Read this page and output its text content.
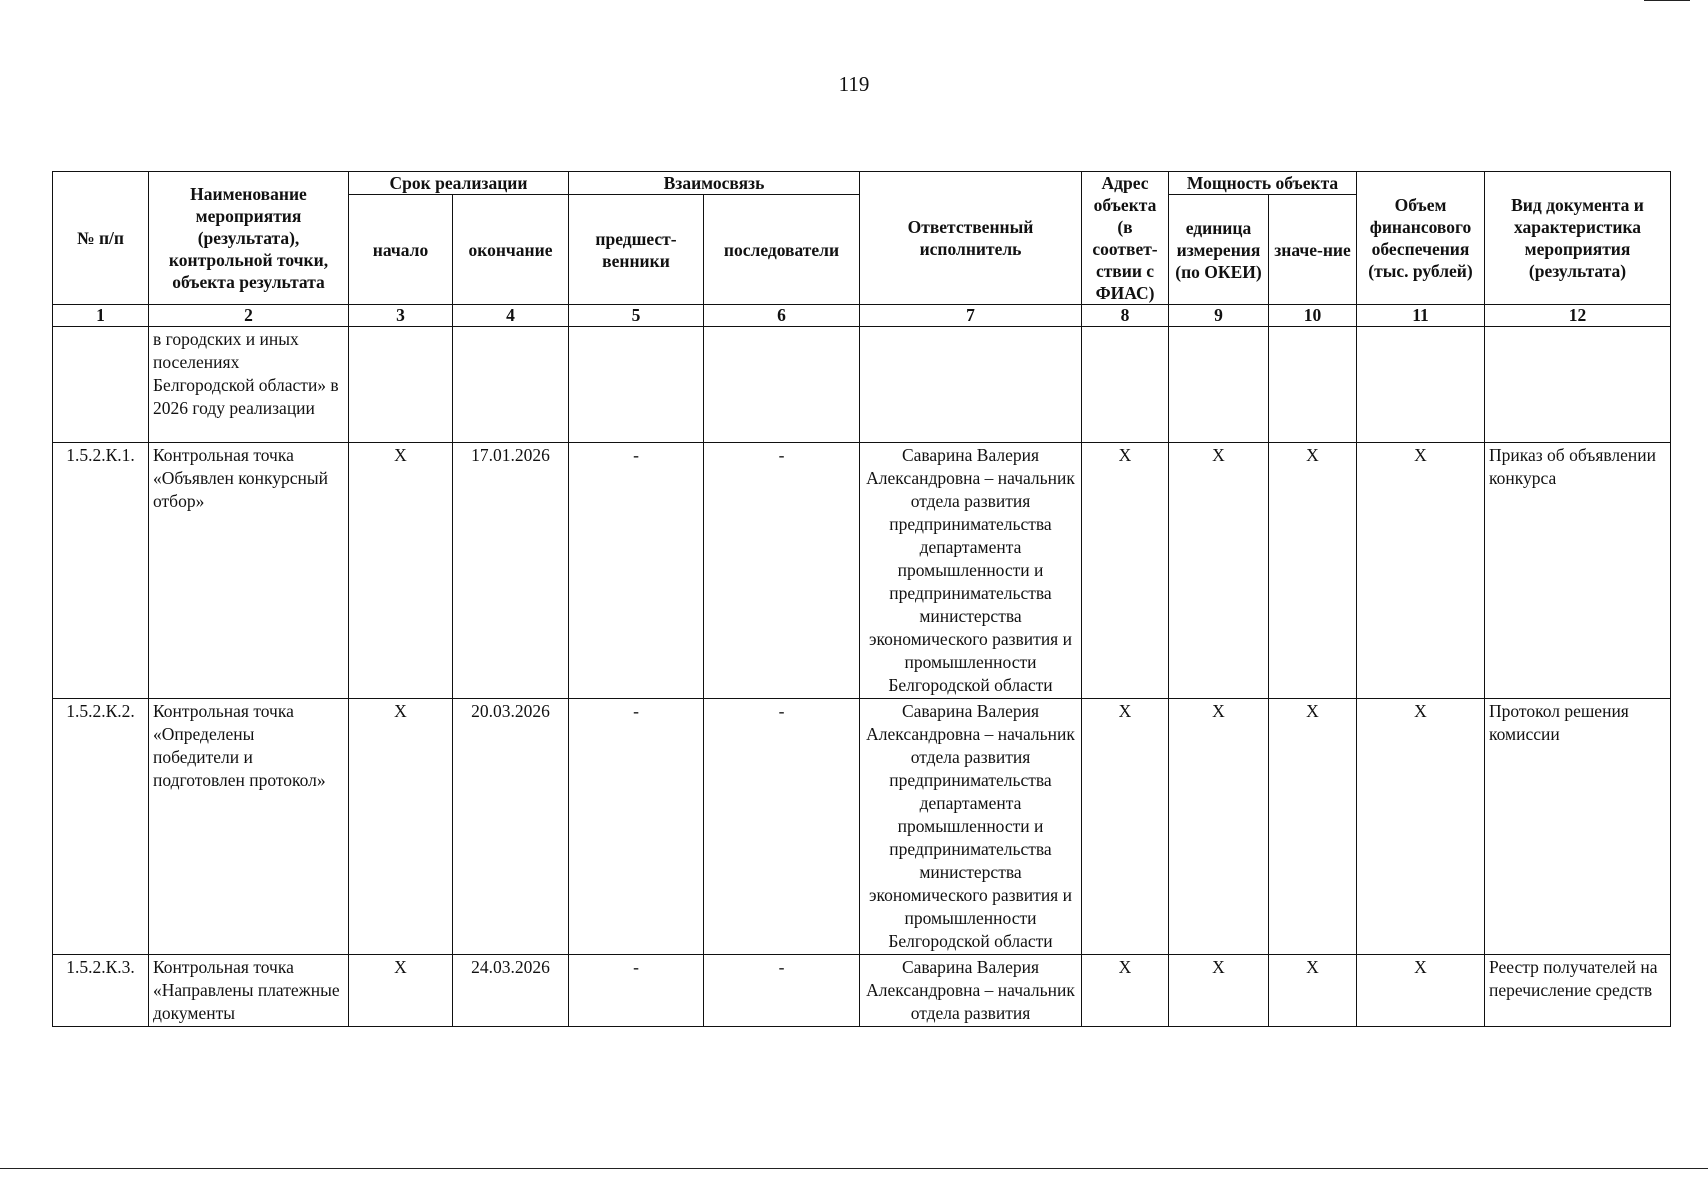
119
№ п/п	Наименование мероприятия (результата), контрольной точки, объекта результата	Срок реализации		Взаимосвязь		Ответственный исполнитель	Адрес объекта (в соответ-ствии с ФИАС)	Мощность объекта		Объем финансового обеспечения (тыс. рублей)	Вид документа и характеристика мероприятия (результата)
		начало	окончание	предшест-венники	последователи			единица измерения (по ОКЕИ)	значе-ние		
1	2	3	4	5	6	7	8	9	10	11	12
	в городских и иных поселениях Белгородской области» в 2026 году реализации										
1.5.2.К.1.	Контрольная точка «Объявлен конкурсный отбор»	Х	17.01.2026	-	-	Саварина Валерия Александровна – начальник отдела развития предпринимательства департамента промышленности и предпринимательства министерства экономического развития и промышленности Белгородской области	Х	Х	Х	Х	Приказ об объявлении конкурса
1.5.2.К.2.	Контрольная точка «Определены победители и подготовлен протокол»	Х	20.03.2026	-	-	Саварина Валерия Александровна – начальник отдела развития предпринимательства департамента промышленности и предпринимательства министерства экономического развития и промышленности Белгородской области	Х	Х	Х	Х	Протокол решения комиссии
1.5.2.К.3.	Контрольная точка «Направлены платежные документы	Х	24.03.2026	-	-	Саварина Валерия Александровна – начальник отдела развития	Х	Х	Х	Х	Реестр получателей на перечисление средств
